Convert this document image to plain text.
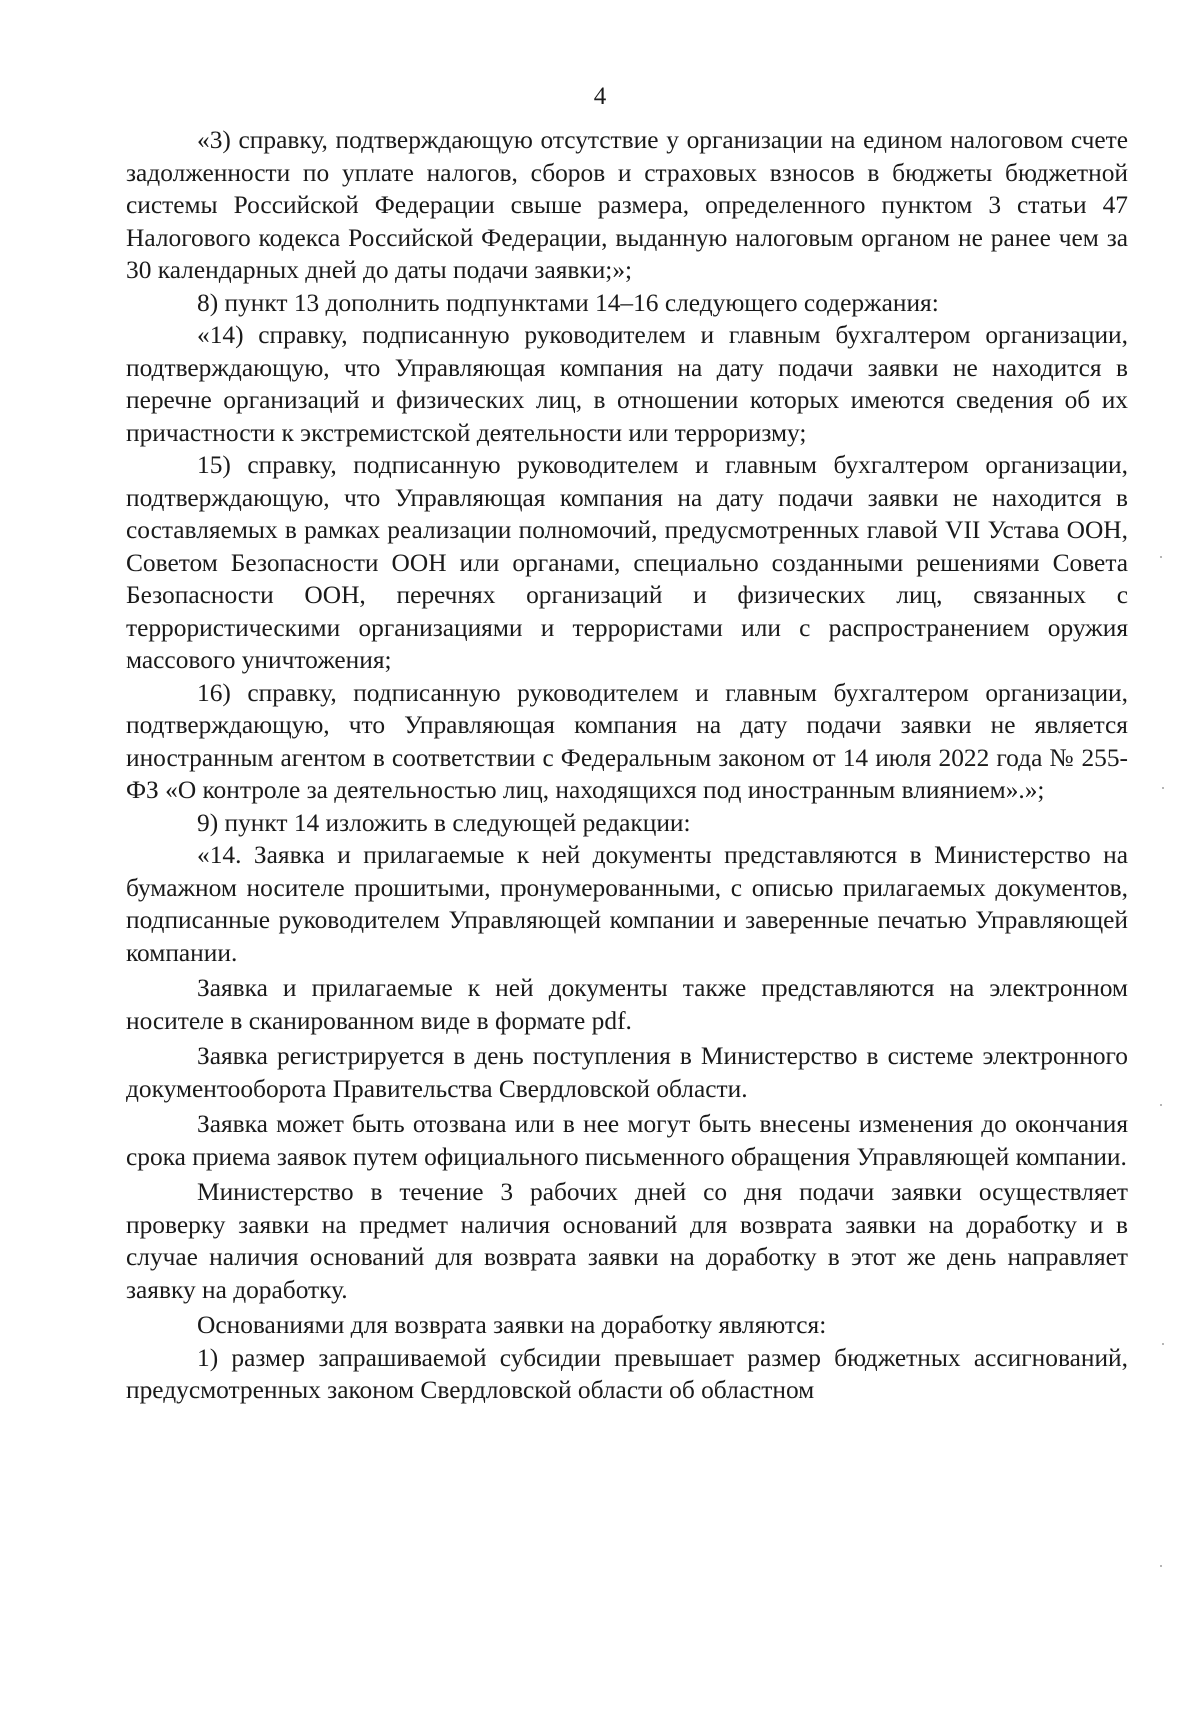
4

«3) справку, подтверждающую отсутствие у организации на едином налоговом счете задолженности по уплате налогов, сборов и страховых взносов в бюджеты бюджетной системы Российской Федерации свыше размера, определенного пунктом 3 статьи 47 Налогового кодекса Российской Федерации, выданную налоговым органом не ранее чем за 30 календарных дней до даты подачи заявки;»;

8) пункт 13 дополнить подпунктами 14–16 следующего содержания:

«14) справку, подписанную руководителем и главным бухгалтером организации, подтверждающую, что Управляющая компания на дату подачи заявки не находится в перечне организаций и физических лиц, в отношении которых имеются сведения об их причастности к экстремистской деятельности или терроризму;

15) справку, подписанную руководителем и главным бухгалтером организации, подтверждающую, что Управляющая компания на дату подачи заявки не находится в составляемых в рамках реализации полномочий, предусмотренных главой VII Устава ООН, Советом Безопасности ООН или органами, специально созданными решениями Совета Безопасности ООН, перечнях организаций и физических лиц, связанных с террористическими организациями и террористами или с распространением оружия массового уничтожения;

16) справку, подписанную руководителем и главным бухгалтером организации, подтверждающую, что Управляющая компания на дату подачи заявки не является иностранным агентом в соответствии с Федеральным законом от 14 июля 2022 года № 255-ФЗ «О контроле за деятельностью лиц, находящихся под иностранным влиянием».»;

9) пункт 14 изложить в следующей редакции:

«14. Заявка и прилагаемые к ней документы представляются в Министерство на бумажном носителе прошитыми, пронумерованными, с описью прилагаемых документов, подписанные руководителем Управляющей компании и заверенные печатью Управляющей компании.

Заявка и прилагаемые к ней документы также представляются на электронном носителе в сканированном виде в формате pdf.

Заявка регистрируется в день поступления в Министерство в системе электронного документооборота Правительства Свердловской области.

Заявка может быть отозвана или в нее могут быть внесены изменения до окончания срока приема заявок путем официального письменного обращения Управляющей компании.

Министерство в течение 3 рабочих дней со дня подачи заявки осуществляет проверку заявки на предмет наличия оснований для возврата заявки на доработку и в случае наличия оснований для возврата заявки на доработку в этот же день направляет заявку на доработку.

Основаниями для возврата заявки на доработку являются:

1) размер запрашиваемой субсидии превышает размер бюджетных ассигнований, предусмотренных законом Свердловской области об областном
